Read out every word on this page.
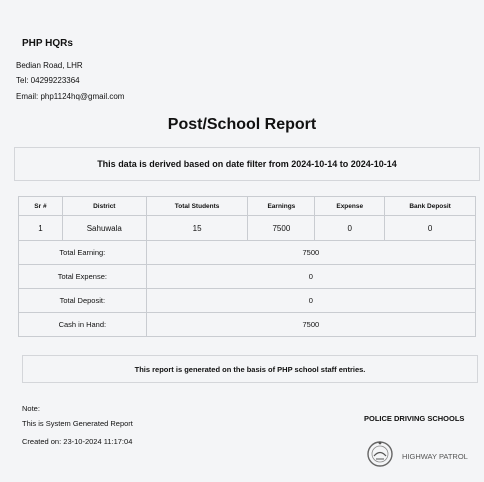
PHP HQRs
Bedian Road, LHR
Tel: 04299223364
Email: php1124hq@gmail.com
Post/School Report
This data is derived based on date filter from 2024-10-14 to 2024-10-14
Sr #	District	Total Students	Earnings	Expense	Bank Deposit
1	Sahuwala	15	7500	0	0
Total Earning:		7500			
Total Expense:		0			
Total Deposit:		0			
Cash in Hand:		7500			
This report is generated on the basis of PHP school staff entries.
Note:
This is System Generated Report
Created on: 23-10-2024 11:17:04
POLICE DRIVING SCHOOLS
HIGHWAY PATROL
